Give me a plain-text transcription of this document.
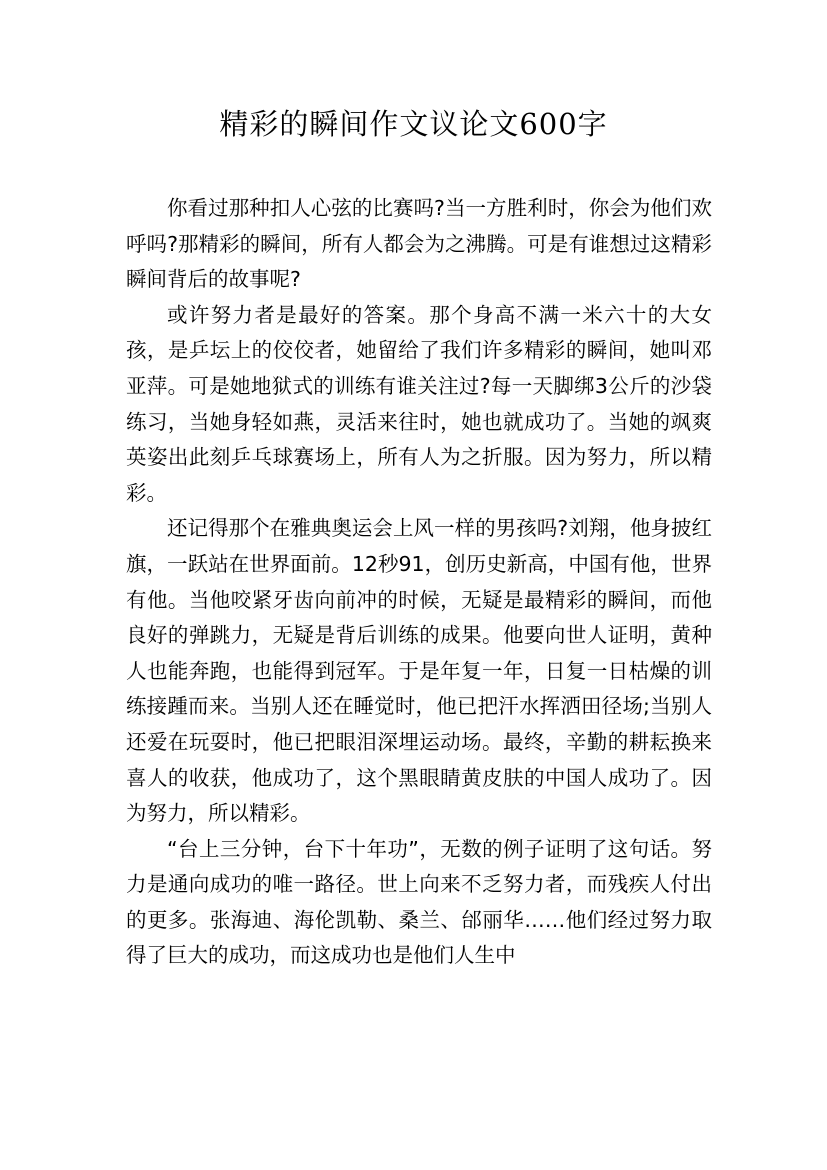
精彩的瞬间作文议论文600字

你看过那种扣人心弦的比赛吗?当一方胜利时，你会为他们欢呼吗?那精彩的瞬间，所有人都会为之沸腾。可是有谁想过这精彩瞬间背后的故事呢?

或许努力者是最好的答案。那个身高不满一米六十的大女孩，是乒坛上的佼佼者，她留给了我们许多精彩的瞬间，她叫邓亚萍。可是她地狱式的训练有谁关注过?每一天脚绑3公斤的沙袋练习，当她身轻如燕，灵活来往时，她也就成功了。当她的飒爽英姿出此刻乒乓球赛场上，所有人为之折服。因为努力，所以精彩。

还记得那个在雅典奥运会上风一样的男孩吗?刘翔，他身披红旗，一跃站在世界面前。12秒91，创历史新高，中国有他，世界有他。当他咬紧牙齿向前冲的时候，无疑是最精彩的瞬间，而他良好的弹跳力，无疑是背后训练的成果。他要向世人证明，黄种人也能奔跑，也能得到冠军。于是年复一年，日复一日枯燥的训练接踵而来。当别人还在睡觉时，他已把汗水挥洒田径场;当别人还爱在玩耍时，他已把眼泪深埋运动场。最终，辛勤的耕耘换来喜人的收获，他成功了，这个黑眼睛黄皮肤的中国人成功了。因为努力，所以精彩。

“台上三分钟，台下十年功”，无数的例子证明了这句话。努力是通向成功的唯一路径。世上向来不乏努力者，而残疾人付出的更多。张海迪、海伦凯勒、桑兰、邰丽华……他们经过努力取得了巨大的成功，而这成功也是他们人生中
